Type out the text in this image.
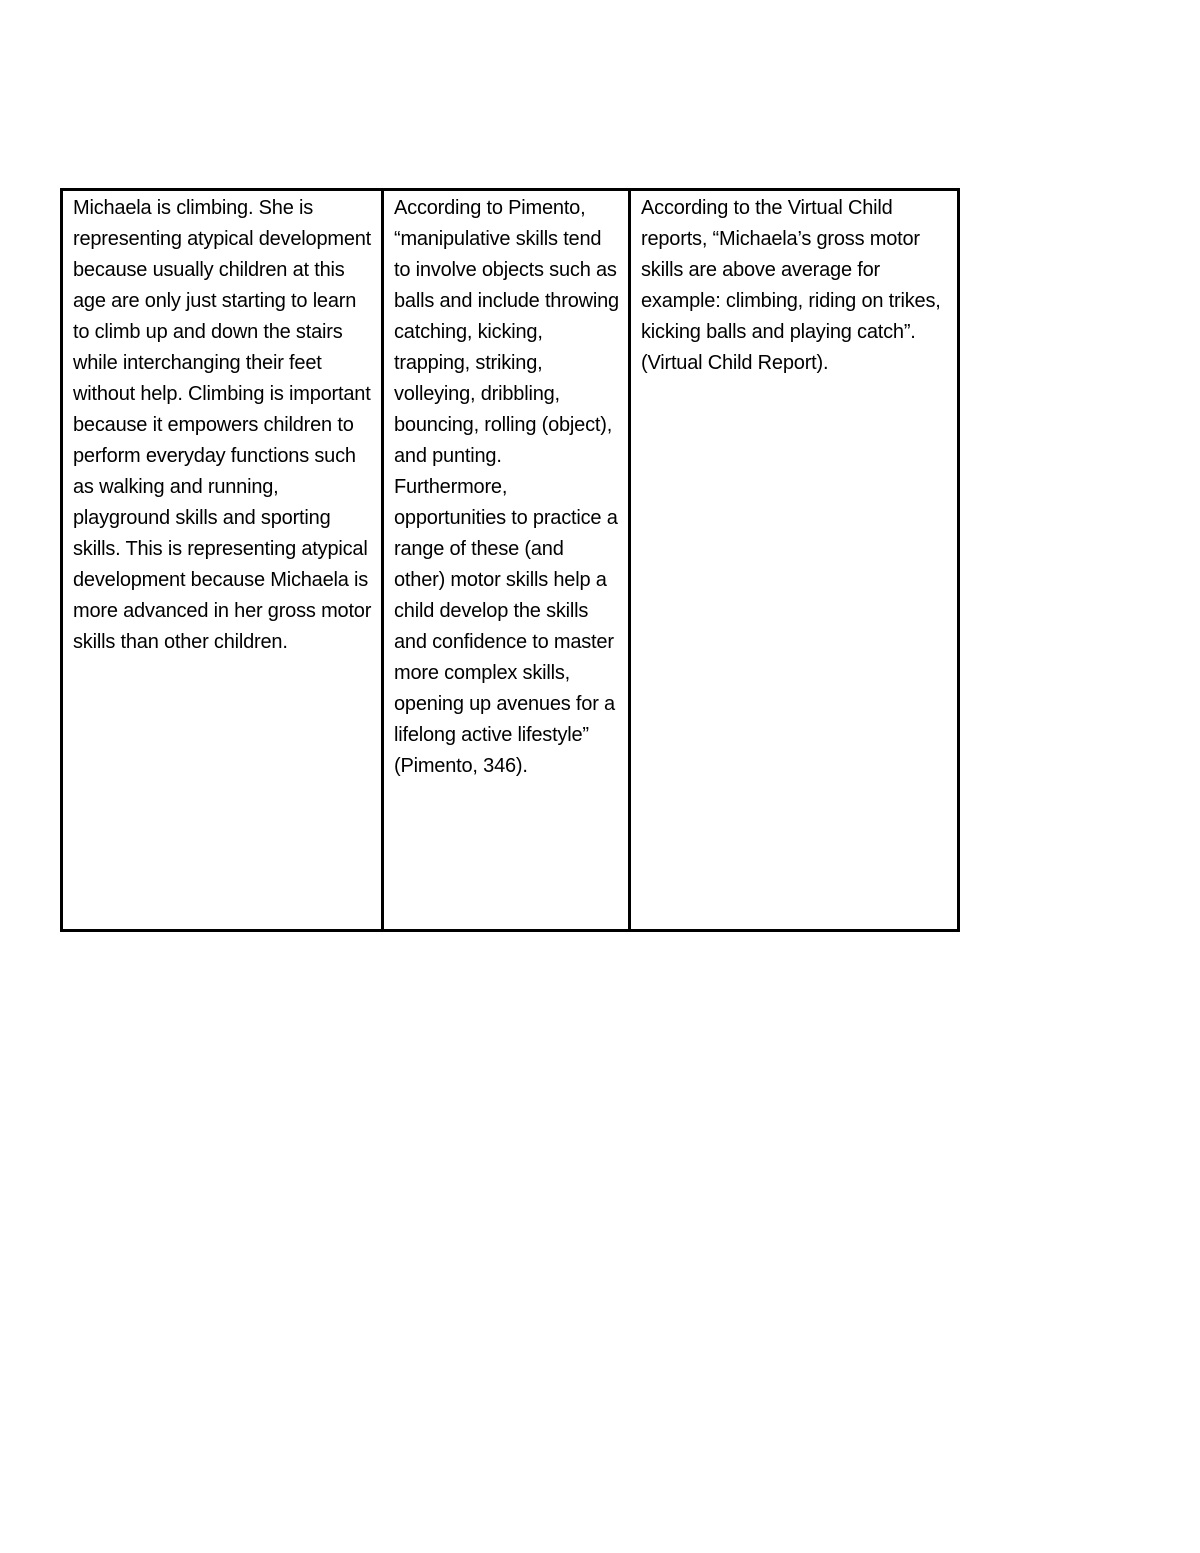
Michaela is climbing. She is representing atypical development because usually children at this age are only just starting to learn to climb up and down the stairs while interchanging their feet without help. Climbing is important because it empowers children to perform everyday functions such as walking and running, playground skills and sporting skills. This is representing atypical development because Michaela is more advanced in her gross motor skills than other children.	According to Pimento, “manipulative skills tend to involve objects such as balls and include throwing catching, kicking, trapping, striking, volleying, dribbling, bouncing, rolling (object), and punting. Furthermore, opportunities to practice a range of these (and other) motor skills help a child develop the skills and confidence to master more complex skills, opening up avenues for a lifelong active lifestyle” (Pimento, 346).	According to the Virtual Child reports, “Michaela’s gross motor skills are above average for example: climbing, riding on trikes, kicking balls and playing catch”. (Virtual Child Report).
